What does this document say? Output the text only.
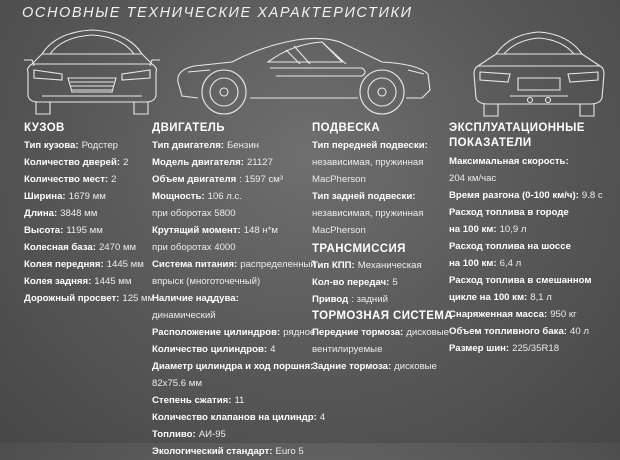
ОСНОВНЫЕ ТЕХНИЧЕСКИЕ ХАРАКТЕРИСТИКИ
КУЗОВ
Тип кузова: Родстер
Количество дверей: 2
Количество мест: 2
Ширина: 1679 мм
Длина: 3848 мм
Высота: 1195 мм
Колесная база: 2470 мм
Колея передняя: 1445 мм
Колея задняя: 1445 мм
Дорожный просвет: 125 мм
ДВИГАТЕЛЬ
Тип двигателя: Бензин
Модель двигателя: 21127
Объем двигателя : 1597 см³
Мощность: 106 л.с.
при оборотах 5800
Крутящий момент: 148 н*м
при оборотах 4000
Система питания: распределенный
впрыск (многоточечный)
Наличие наддува:
динамический
Расположение цилиндров: рядное
Количество цилиндров: 4
Диаметр цилиндра и ход поршня:
82x75.6 мм
Степень сжатия: 11
Количество клапанов на цилиндр: 4
Топливо: АИ-95
Экологический стандарт: Euro 5
ПОДВЕСКА
Тип передней подвески:
независимая, пружинная
MacPherson
Тип задней подвески:
независимая, пружинная
MacPherson
ТРАНСМИССИЯ
Тип КПП: Механическая
Кол-во передач: 5
Привод : задний
ТОРМОЗНАЯ СИСТЕМА
Передние тормоза: дисковые
вентилируемые
Задние тормоза: дисковые
ЭКСПЛУАТАЦИОННЫЕ
ПОКАЗАТЕЛИ
Максимальная скорость:
204 км/час
Время разгона (0-100 км/ч): 9.8 с
Расход топлива в городе
на 100 км: 10,9 л
Расход топлива на шоссе
на 100 км: 6,4 л
Расход топлива в смешанном
цикле на 100 км: 8,1 л
Снаряженная масса: 950 кг
Объем топливного бака: 40 л
Размер шин: 225/35R18
